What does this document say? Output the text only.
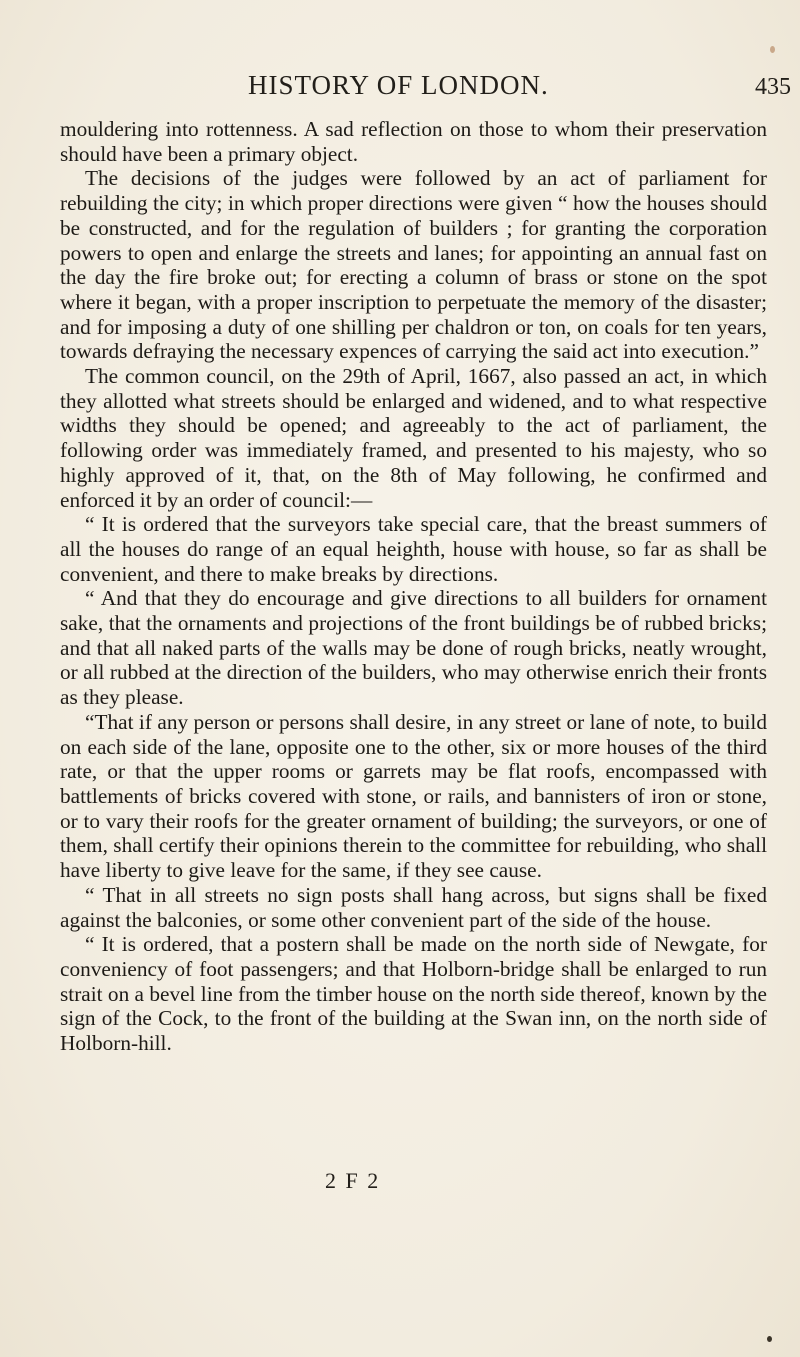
HISTORY OF LONDON.	435

mouldering into rottenness. A sad reflection on those to whom their preservation should have been a primary object.

The decisions of the judges were followed by an act of parliament for rebuilding the city; in which proper directions were given “ how the houses should be constructed, and for the regulation of builders ; for granting the corporation powers to open and enlarge the streets and lanes; for appointing an annual fast on the day the fire broke out; for erecting a column of brass or stone on the spot where it began, with a proper inscription to perpetuate the memory of the disaster; and for imposing a duty of one shilling per chaldron or ton, on coals for ten years, towards defraying the necessary expences of carrying the said act into execution.”

The common council, on the 29th of April, 1667, also passed an act, in which they allotted what streets should be enlarged and widened, and to what respective widths they should be opened; and agreeably to the act of parliament, the following order was immediately framed, and presented to his majesty, who so highly approved of it, that, on the 8th of May following, he confirmed and enforced it by an order of council:—

“ It is ordered that the surveyors take special care, that the breast summers of all the houses do range of an equal heighth, house with house, so far as shall be convenient, and there to make breaks by directions.

“ And that they do encourage and give directions to all builders for ornament sake, that the ornaments and projections of the front buildings be of rubbed bricks; and that all naked parts of the walls may be done of rough bricks, neatly wrought, or all rubbed at the direction of the builders, who may otherwise enrich their fronts as they please.

“That if any person or persons shall desire, in any street or lane of note, to build on each side of the lane, opposite one to the other, six or more houses of the third rate, or that the upper rooms or garrets may be flat roofs, encompassed with battlements of bricks covered with stone, or rails, and bannisters of iron or stone, or to vary their roofs for the greater ornament of building; the surveyors, or one of them, shall certify their opinions therein to the committee for rebuilding, who shall have liberty to give leave for the same, if they see cause.

“ That in all streets no sign posts shall hang across, but signs shall be fixed against the balconies, or some other convenient part of the side of the house.

“ It is ordered, that a postern shall be made on the north side of Newgate, for conveniency of foot passengers; and that Holborn-bridge shall be enlarged to run strait on a bevel line from the timber house on the north side thereof, known by the sign of the Cock, to the front of the building at the Swan inn, on the north side of Holborn-hill.

2 F 2
